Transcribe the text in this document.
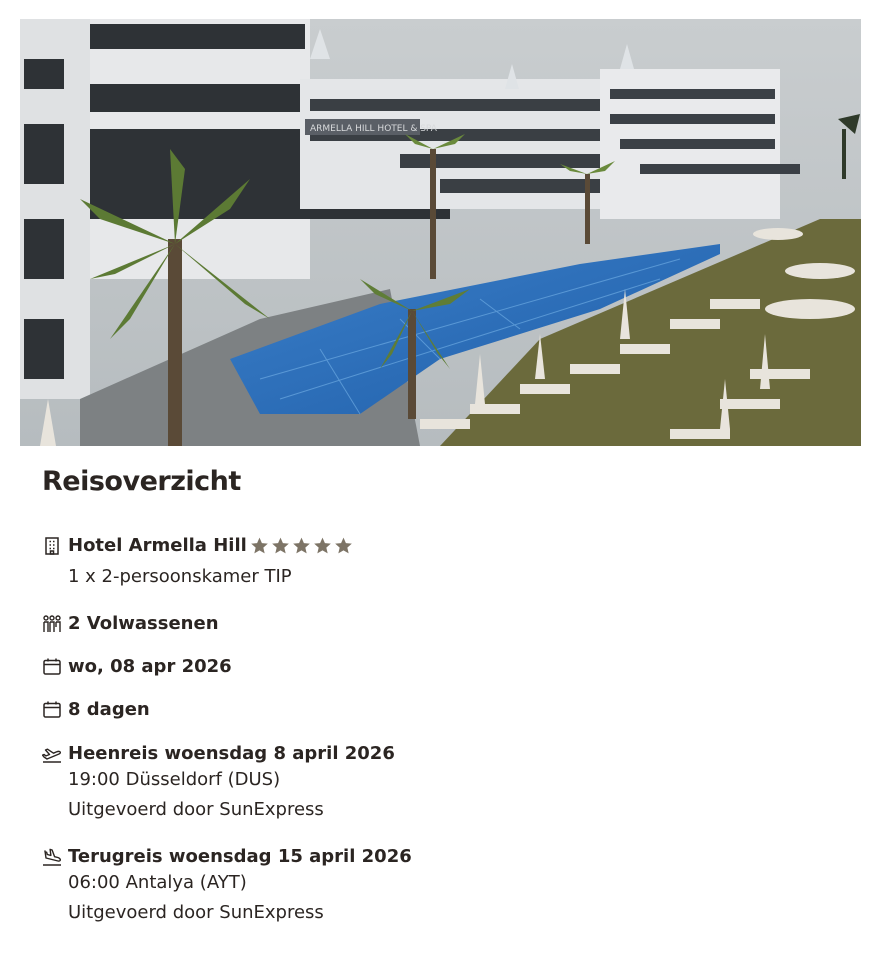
ARMELLA HILL HOTEL & SPA
Reisoverzicht
Hotel Armella Hill
1 x 2-persoonskamer TIP
2 Volwassenen
wo, 08 apr 2026
8 dagen
Heenreis woensdag 8 april 2026
19:00 Düsseldorf (DUS)
Uitgevoerd door SunExpress
Terugreis woensdag 15 april 2026
06:00 Antalya (AYT)
Uitgevoerd door SunExpress
